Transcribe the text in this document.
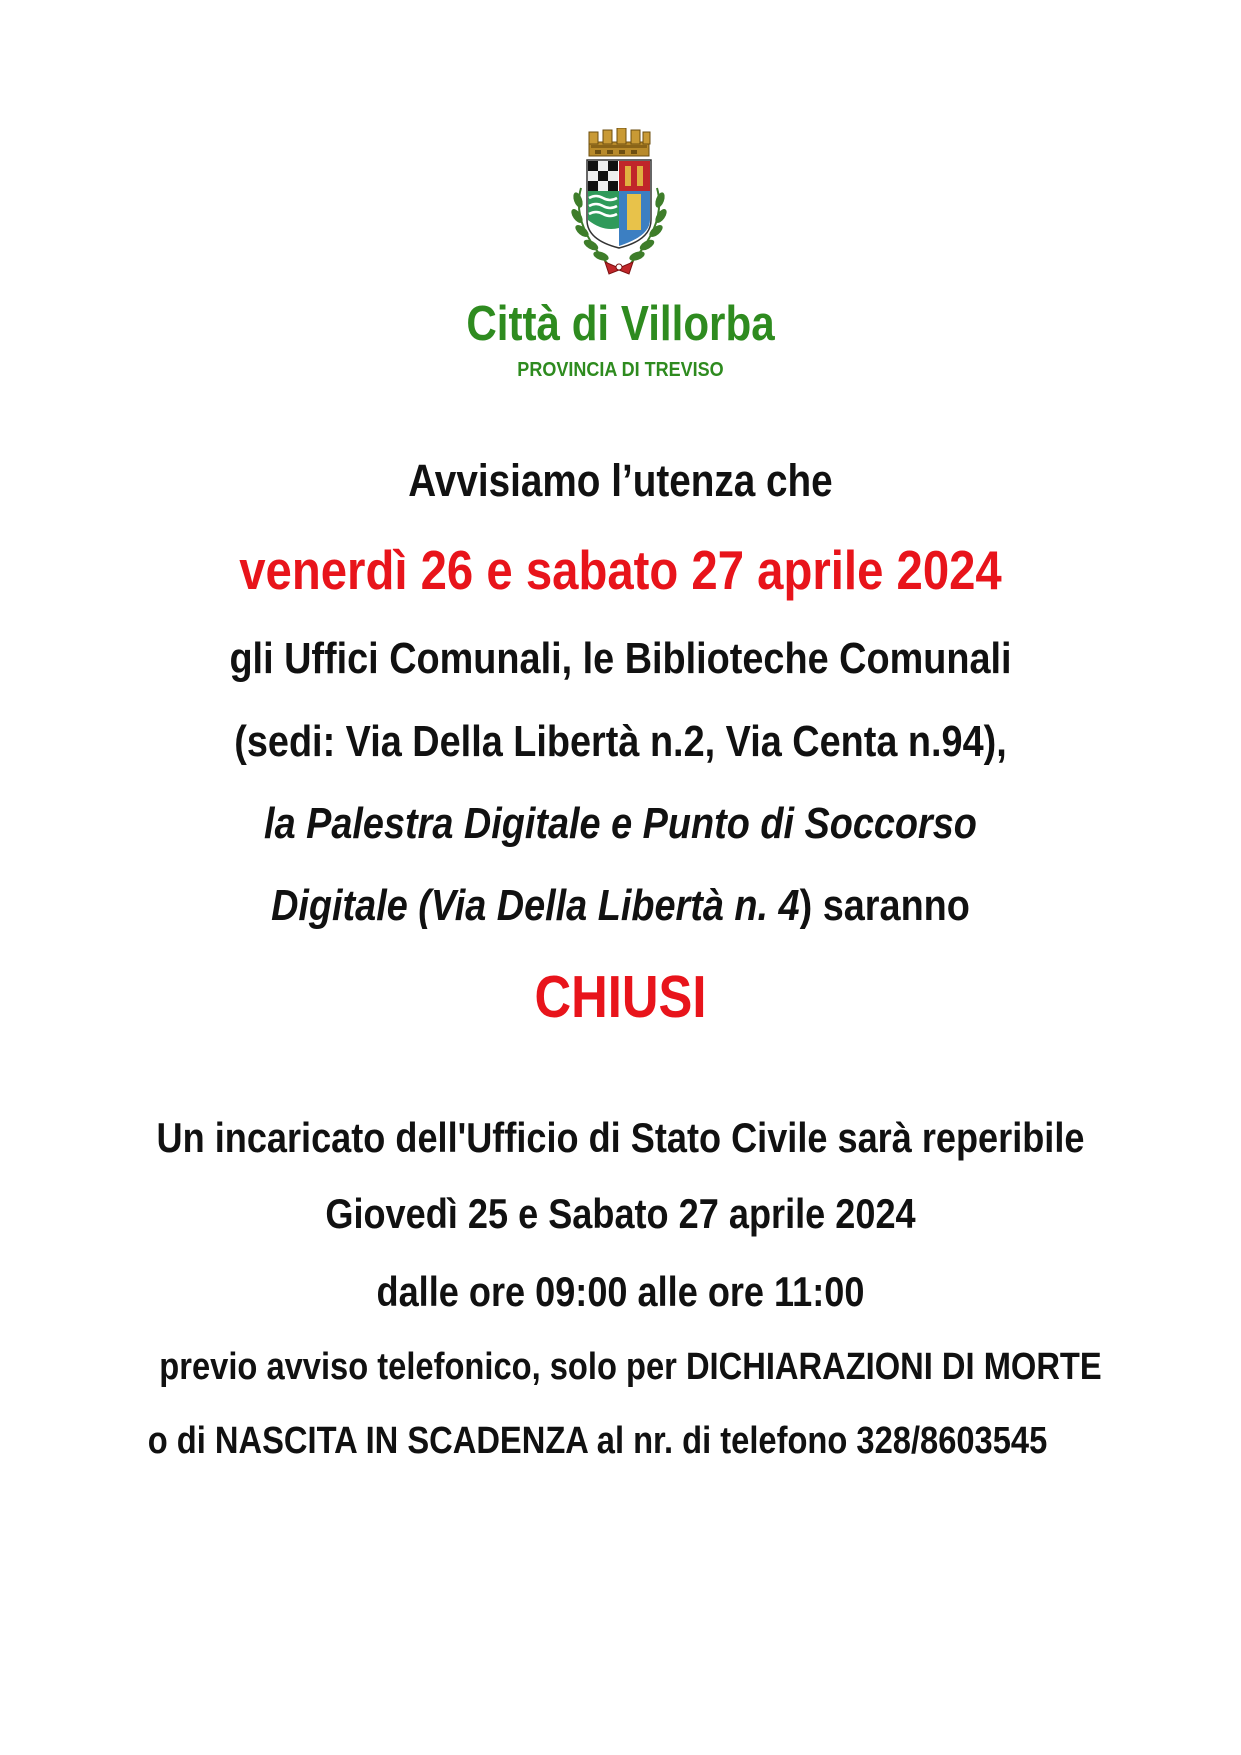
Città di Villorba
PROVINCIA DI TREVISO
Avvisiamo l’utenza che
venerdì 26 e sabato 27 aprile 2024
gli Uffici Comunali, le Biblioteche Comunali
(sedi: Via Della Libertà n.2, Via Centa n.94),
la Palestra Digitale e Punto di Soccorso
Digitale (Via Della Libertà n. 4) saranno
CHIUSI
Un incaricato dell'Ufficio di Stato Civile sarà reperibile
Giovedì 25 e Sabato 27 aprile 2024
dalle ore 09:00 alle ore 11:00
previo avviso telefonico, solo per DICHIARAZIONI DI MORTE
o di NASCITA IN SCADENZA al nr. di telefono 328/8603545
